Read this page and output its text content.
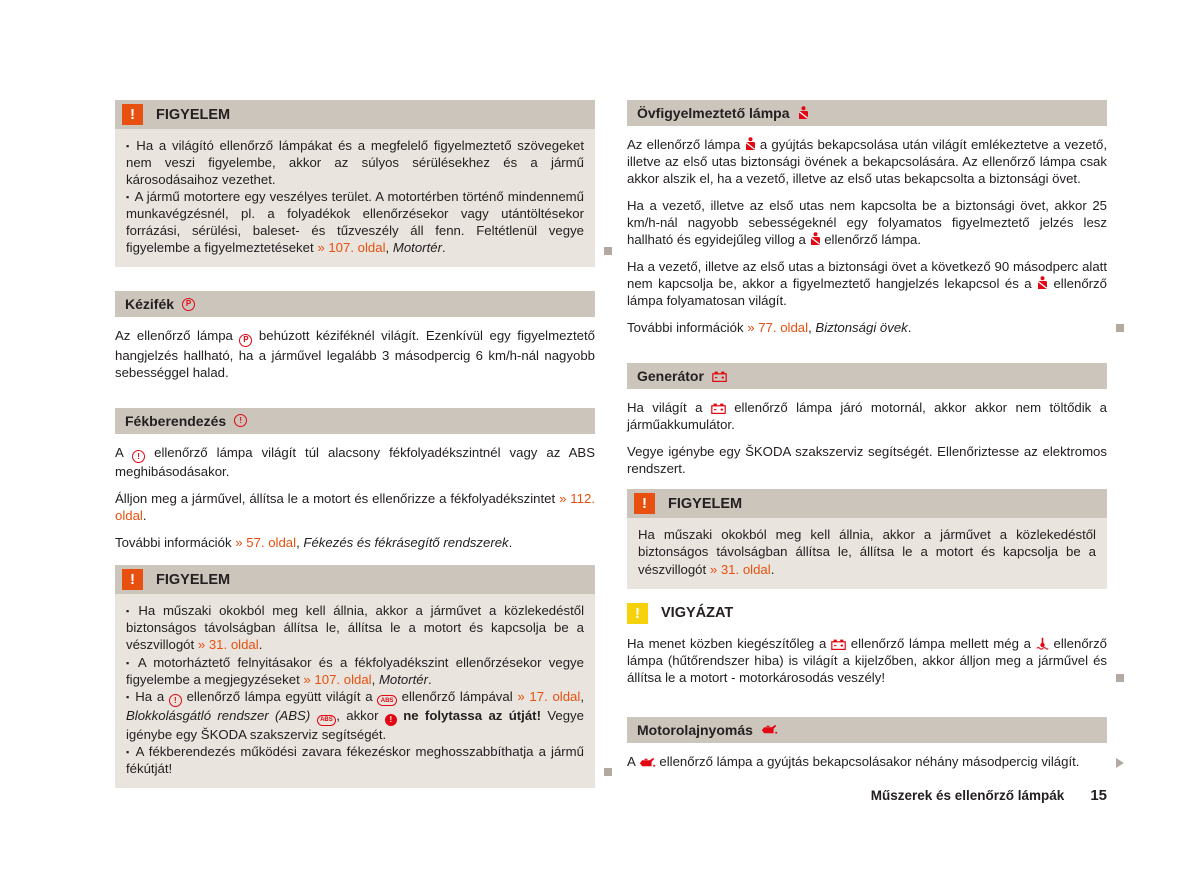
!	FIGYELEM

▪ Ha a világító ellenőrző lámpákat és a megfelelő figyelmeztető szövegeket nem veszi figyelembe, akkor az súlyos sérülésekhez és a jármű károsodásaihoz vezethet.

▪ A jármű motortere egy veszélyes terület. A motortérben történő mindennemű munkavégzésnél, pl. a folyadékok ellenőrzésekor vagy utántöltésekor forrázási, sérülési, baleset- és tűzveszély áll fenn. Feltétlenül vegye figyelembe a figyelmeztetéseket » 107. oldal, Motortér.

Kézifék	P

Az ellenőrző lámpa P behúzott kéziféknél világít. Ezenkívül egy figyelmeztető hangjelzés hallható, ha a járművel legalább 3 másodpercig 6 km/h-nál nagyobb sebességgel halad.

Fékberendezés	!

A ! ellenőrző lámpa világít túl alacsony fékfolyadékszintnél vagy az ABS meghibásodásakor.

Álljon meg a járművel, állítsa le a motort és ellenőrizze a fékfolyadékszintet » 112. oldal.

További információk » 57. oldal, Fékezés és fékrásegítő rendszerek.

!	FIGYELEM

▪ Ha műszaki okokból meg kell állnia, akkor a járművet a közlekedéstől biztonságos távolságban állítsa le, állítsa le a motort és kapcsolja be a vészvillogót » 31. oldal.

▪ A motorháztető felnyitásakor és a fékfolyadékszint ellenőrzésekor vegye figyelembe a megjegyzéseket » 107. oldal, Motortér.

▪ Ha a ! ellenőrző lámpa együtt világít a ABS ellenőrző lámpával » 17. oldal, Blokkolásgátló rendszer (ABS) ABS , akkor ! ne folytassa az útját! Vegye igénybe egy ŠKODA szakszerviz segítségét.

▪ A fékberendezés működési zavara fékezéskor meghosszabbíthatja a jármű fékútját!

Övfigyelmeztető lámpa

Az ellenőrző lámpa
a gyújtás bekapcsolása után világít emlékeztetve a vezető, illetve az első utas biztonsági övének a bekapcsolására. Az ellenőrző lámpa csak akkor alszik el, ha a vezető, illetve az első utas bekapcsolta a biztonsági övet.

Ha a vezető, illetve az első utas nem kapcsolta be a biztonsági övet, akkor 25 km/h-nál nagyobb sebességeknél egy folyamatos figyelmeztető jelzés lesz hallható és egyidejűleg villog a
ellenőrző lámpa.

Ha a vezető, illetve az első utas a biztonsági övet a következő 90 másodperc alatt nem kapcsolja be, akkor a figyelmeztető hangjelzés lekapcsol és a
ellenőrző lámpa folyamatosan világít.

További információk » 77. oldal, Biztonsági övek.

Generátor

Ha világít a
ellenőrző lámpa járó motornál, akkor akkor nem töltődik a járműakkumulátor.

Vegye igénybe egy ŠKODA szakszerviz segítségét. Ellenőriztesse az elektromos rendszert.

!	FIGYELEM

Ha műszaki okokból meg kell állnia, akkor a járművet a közlekedéstől biztonságos távolságban állítsa le, állítsa le a motort és kapcsolja be a vészvillogót » 31. oldal.

!	VIGYÁZAT

Ha menet közben kiegészítőleg a
ellenőrző lámpa mellett még a
ellenőrző lámpa (hűtőrendszer hiba) is világít a kijelzőben, akkor álljon meg a járművel és állítsa le a motort - motorkárosodás veszély!

Motorolajnyomás

A
ellenőrző lámpa a gyújtás bekapcsolásakor néhány másodpercig világít.

Műszerek és ellenőrző lámpák 15
